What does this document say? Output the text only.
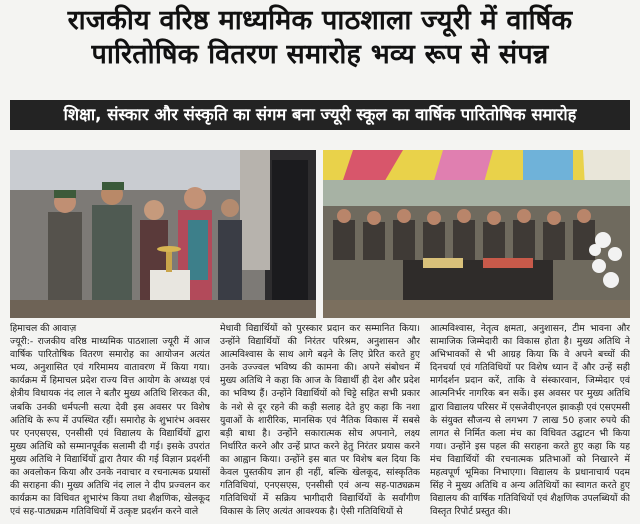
राजकीय वरिष्ठ माध्यमिक पाठशाला ज्यूरी में वार्षिक
पारितोषिक वितरण समारोह भव्य रूप से संपन्न
शिक्षा, संस्कार और संस्कृति का संगम बना ज्यूरी स्कूल का वार्षिक पारितोषिक समारोह

हिमाचल की आवाज़

ज्यूरी:- राजकीय वरिष्ठ माध्यमिक पाठशाला ज्यूरी में आज वार्षिक पारितोषिक वितरण समारोह का आयोजन अत्यंत भव्य, अनुशासित एवं गरिमामय वातावरण में किया गया। कार्यक्रम में हिमाचल प्रदेश राज्य वित्त आयोग के अध्यक्ष एवं क्षेत्रीय विधायक नंद लाल ने बतौर मुख्य अतिथि शिरकत की, जबकि उनकी धर्मपत्नी सत्या देवी इस अवसर पर विशेष अतिथि के रूप में उपस्थित रहीं। समारोह के शुभारंभ अवसर पर एनएसएस, एनसीसी एवं विद्यालय के विद्यार्थियों द्वारा मुख्य अतिथि को सम्मानपूर्वक सलामी दी गई। इसके उपरांत मुख्य अतिथि ने विद्यार्थियों द्वारा तैयार की गई विज्ञान प्रदर्शनी का अवलोकन किया और उनके नवाचार व रचनात्मक प्रयासों की सराहना की। मुख्य अतिथि नंद लाल ने दीप प्रज्वलन कर कार्यक्रम का विधिवत शुभारंभ किया तथा शैक्षणिक, खेलकूद एवं सह-पाठ्यक्रम गतिविधियों में उत्कृष्ट प्रदर्शन करने वाले

मेधावी विद्यार्थियों को पुरस्कार प्रदान कर सम्मानित किया। उन्होंने विद्यार्थियों की निरंतर परिश्रम, अनुशासन और आत्मविश्वास के साथ आगे बढ़ने के लिए प्रेरित करते हुए उनके उज्ज्वल भविष्य की कामना की। अपने संबोधन में मुख्य अतिथि ने कहा कि आज के विद्यार्थी ही देश और प्रदेश का भविष्य हैं। उन्होंने विद्यार्थियों को चिट्टे सहित सभी प्रकार के नशे से दूर रहने की कड़ी सलाह देते हुए कहा कि नशा युवाओं के शारीरिक, मानसिक एवं नैतिक विकास में सबसे बड़ी बाधा है। उन्होंने सकारात्मक सोच अपनाने, लक्ष्य निर्धारित करने और उन्हें प्राप्त करने हेतु निरंतर प्रयास करने का आह्वान किया। उन्होंने इस बात पर विशेष बल दिया कि केवल पुस्तकीय ज्ञान ही नहीं, बल्कि खेलकूद, सांस्कृतिक गतिविधियां, एनएसएस, एनसीसी एवं अन्य सह-पाठ्यक्रम गतिविधियों में सक्रिय भागीदारी विद्यार्थियों के सर्वांगीण विकास के लिए अत्यंत आवश्यक है। ऐसी गतिविधियों से

आत्मविश्वास, नेतृत्व क्षमता, अनुशासन, टीम भावना और सामाजिक जिम्मेदारी का विकास होता है। मुख्य अतिथि ने अभिभावकों से भी आग्रह किया कि वे अपने बच्चों की दिनचर्या एवं गतिविधियों पर विशेष ध्यान दें और उन्हें सही मार्गदर्शन प्रदान करें, ताकि वे संस्कारवान, जिम्मेदार एवं आत्मनिर्भर नागरिक बन सकें। इस अवसर पर मुख्य अतिथि द्वारा विद्यालय परिसर में एसजेवीएनएल झाकड़ी एवं एसएमसी के संयुक्त सौजन्य से लगभग 7 लाख 50 हजार रुपये की लागत से निर्मित कला मंच का विधिवत उद्घाटन भी किया गया। उन्होंने इस पहल की सराहना करते हुए कहा कि यह मंच विद्यार्थियों की रचनात्मक प्रतिभाओं को निखारने में महत्वपूर्ण भूमिका निभाएगा। विद्यालय के प्रधानाचार्य पदम सिंह ने मुख्य अतिथि व अन्य अतिथियों का स्वागत करते हुए विद्यालय की वार्षिक गतिविधियों एवं शैक्षणिक उपलब्धियों की विस्तृत रिपोर्ट प्रस्तुत की।
